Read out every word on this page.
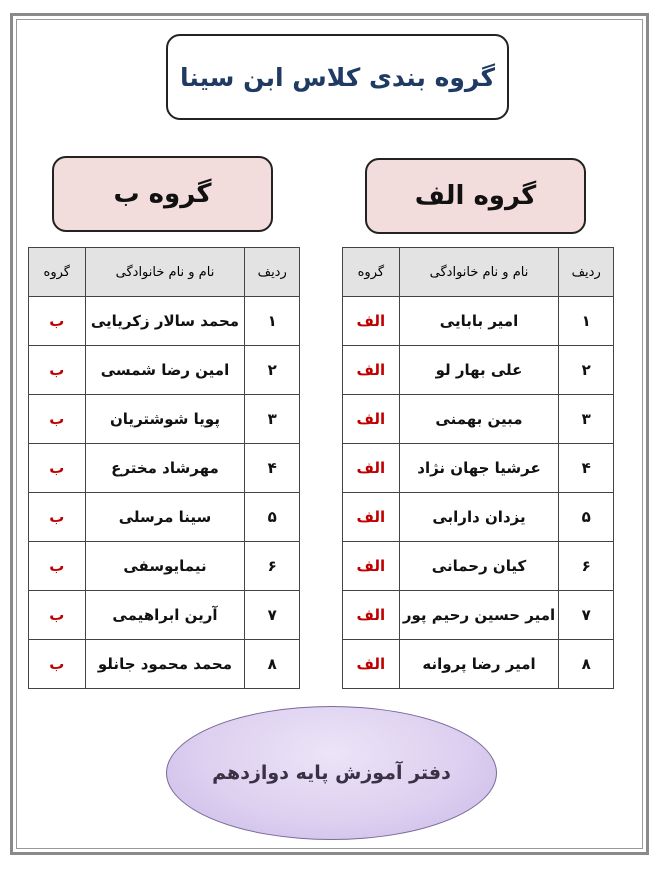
گروه بندی کلاس ابن سینا
گروه ب	گروه الف
ردیف	نام و نام خانوادگی	گروه
۱	امیر بابایی	الف
۲	علی بهار لو	الف
۳	مبین بهمنی	الف
۴	عرشیا جهان نژاد	الف
۵	یزدان دارابی	الف
۶	کیان رحمانی	الف
۷	امیر حسین رحیم پور	الف
۸	امیر رضا پروانه	الف
ردیف	نام و نام خانوادگی	گروه
۱	محمد سالار زکریایی	ب
۲	امین رضا شمسی	ب
۳	پویا شوشتریان	ب
۴	مهرشاد مخترع	ب
۵	سینا مرسلی	ب
۶	نیمایوسفی	ب
۷	آرین ابراهیمی	ب
۸	محمد محمود جانلو	ب
دفتر آموزش پایه دوازدهم
